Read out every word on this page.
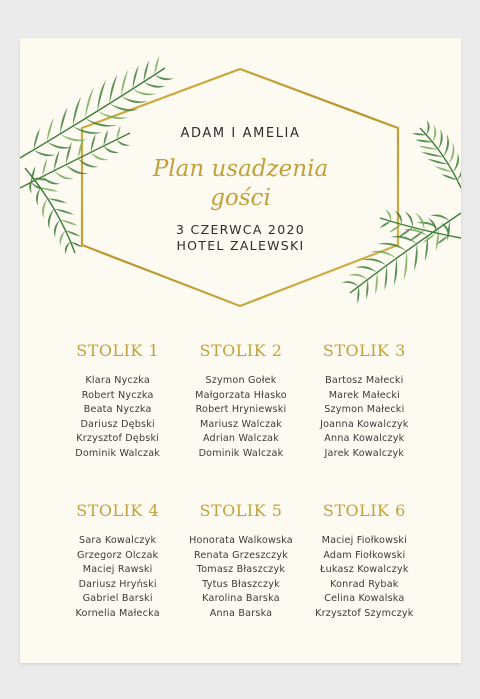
ADAM I AMELIA
Plan usadzenia
gości
3 CZERWCA 2020
HOTEL ZALEWSKI
STOLIK 1
Klara Nyczka
Robert Nyczka
Beata Nyczka
Dariusz Dębski
Krzysztof Dębski
Dominik Walczak
STOLIK 2
Szymon Gołek
Małgorzata Hłasko
Robert Hryniewski
Mariusz Walczak
Adrian Walczak
Dominik Walczak
STOLIK 3
Bartosz Małecki
Marek Małecki
Szymon Małecki
Joanna Kowalczyk
Anna Kowalczyk
Jarek Kowalczyk
STOLIK 4
Sara Kowalczyk
Grzegorz Olczak
Maciej Rawski
Dariusz Hryński
Gabriel Barski
Kornelia Małecka
STOLIK 5
Honorata Walkowska
Renata Grzeszczyk
Tomasz Błaszczyk
Tytus Błaszczyk
Karolina Barska
Anna Barska
STOLIK 6
Maciej Fiołkowski
Adam Fiołkowski
Łukasz Kowalczyk
Konrad Rybak
Celina Kowalska
Krzysztof Szymczyk
